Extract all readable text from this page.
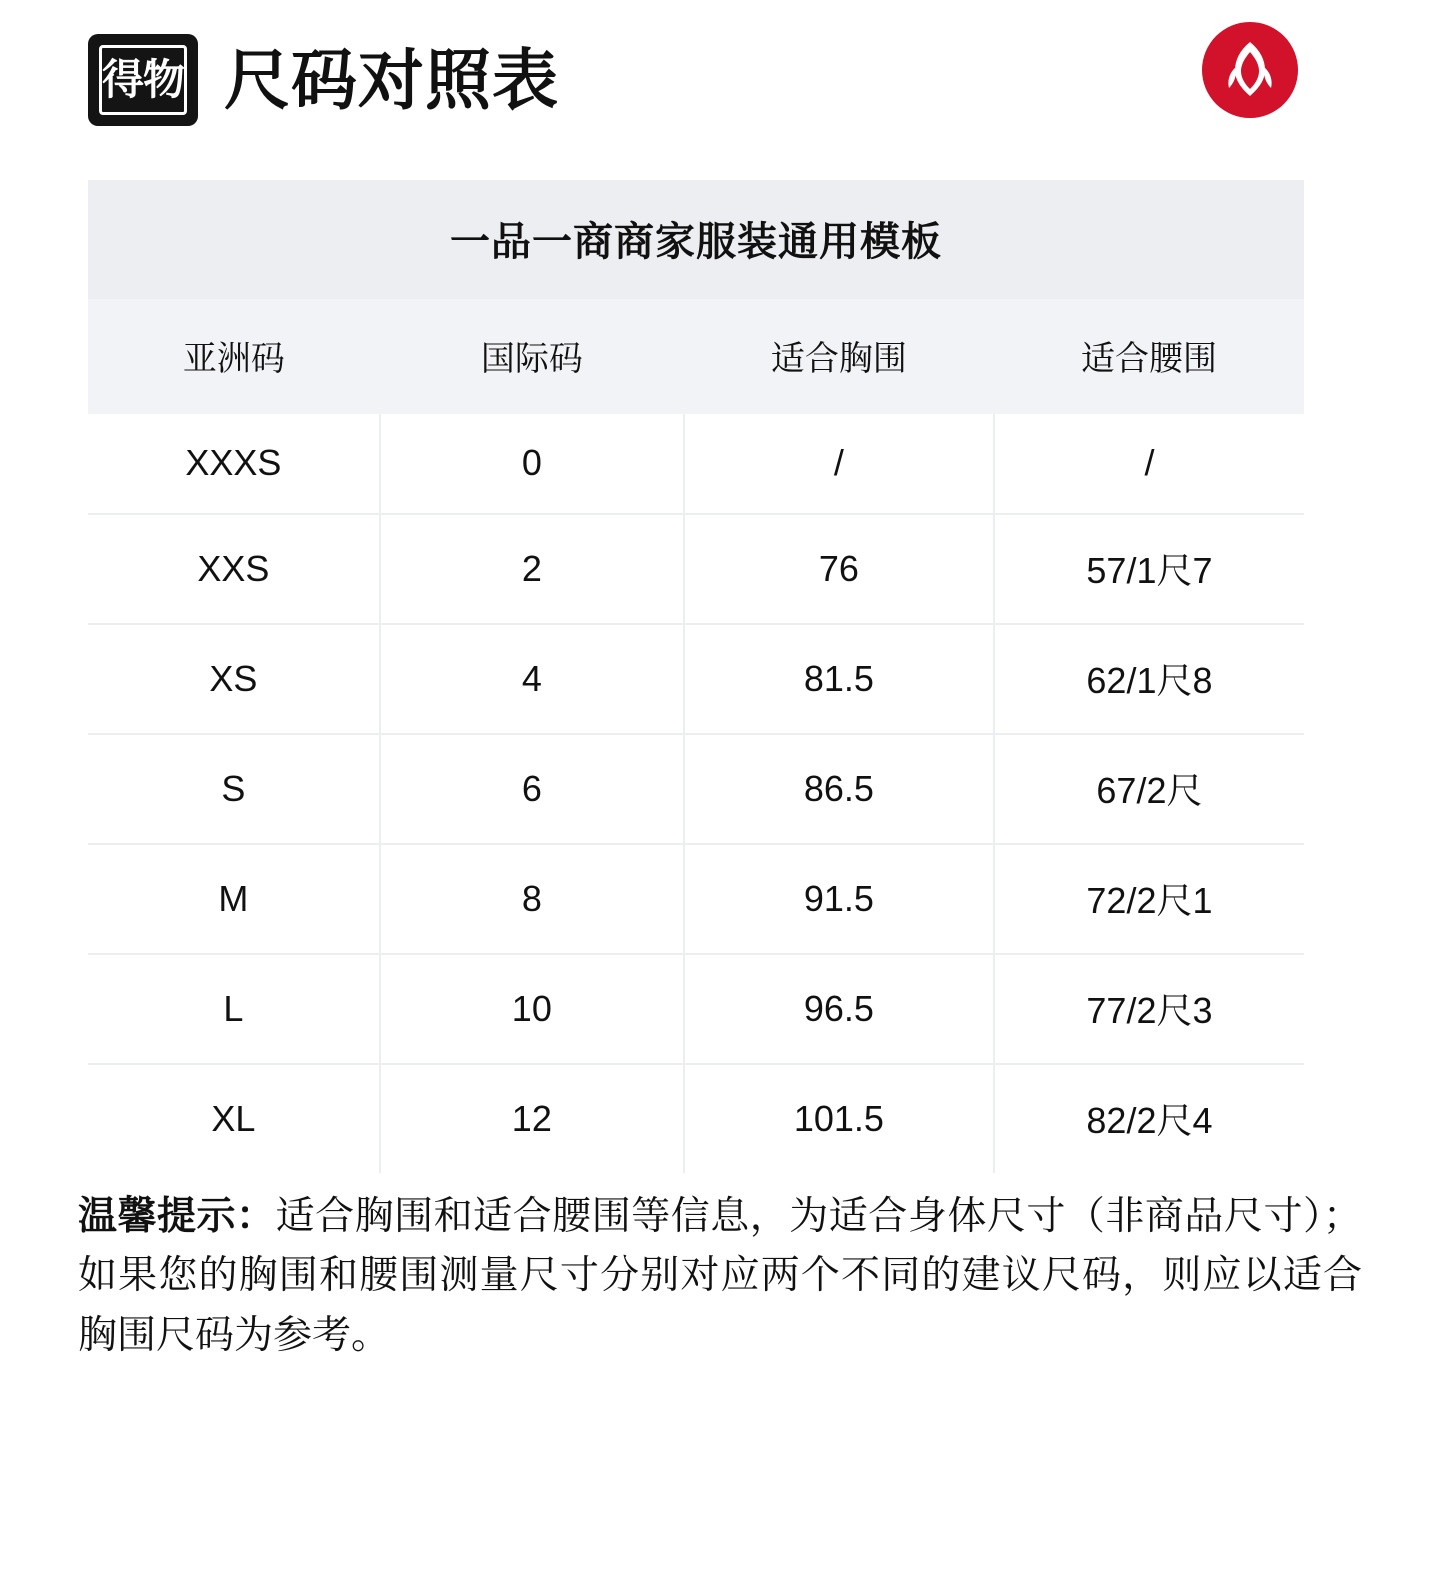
得物 尺码对照表
一品一商商家服装通用模板
亚洲码	国际码	适合胸围	适合腰围
XXXS	0	/	/
XXS	2	76	57/1尺7
XS	4	81.5	62/1尺8
S	6	86.5	67/2尺
M	8	91.5	72/2尺1
L	10	96.5	77/2尺3
XL	12	101.5	82/2尺4
温馨提示：适合胸围和适合腰围等信息，为适合身体尺寸（非商品尺寸）；如果您的胸围和腰围测量尺寸分别对应两个不同的建议尺码，则应以适合胸围尺码为参考。
